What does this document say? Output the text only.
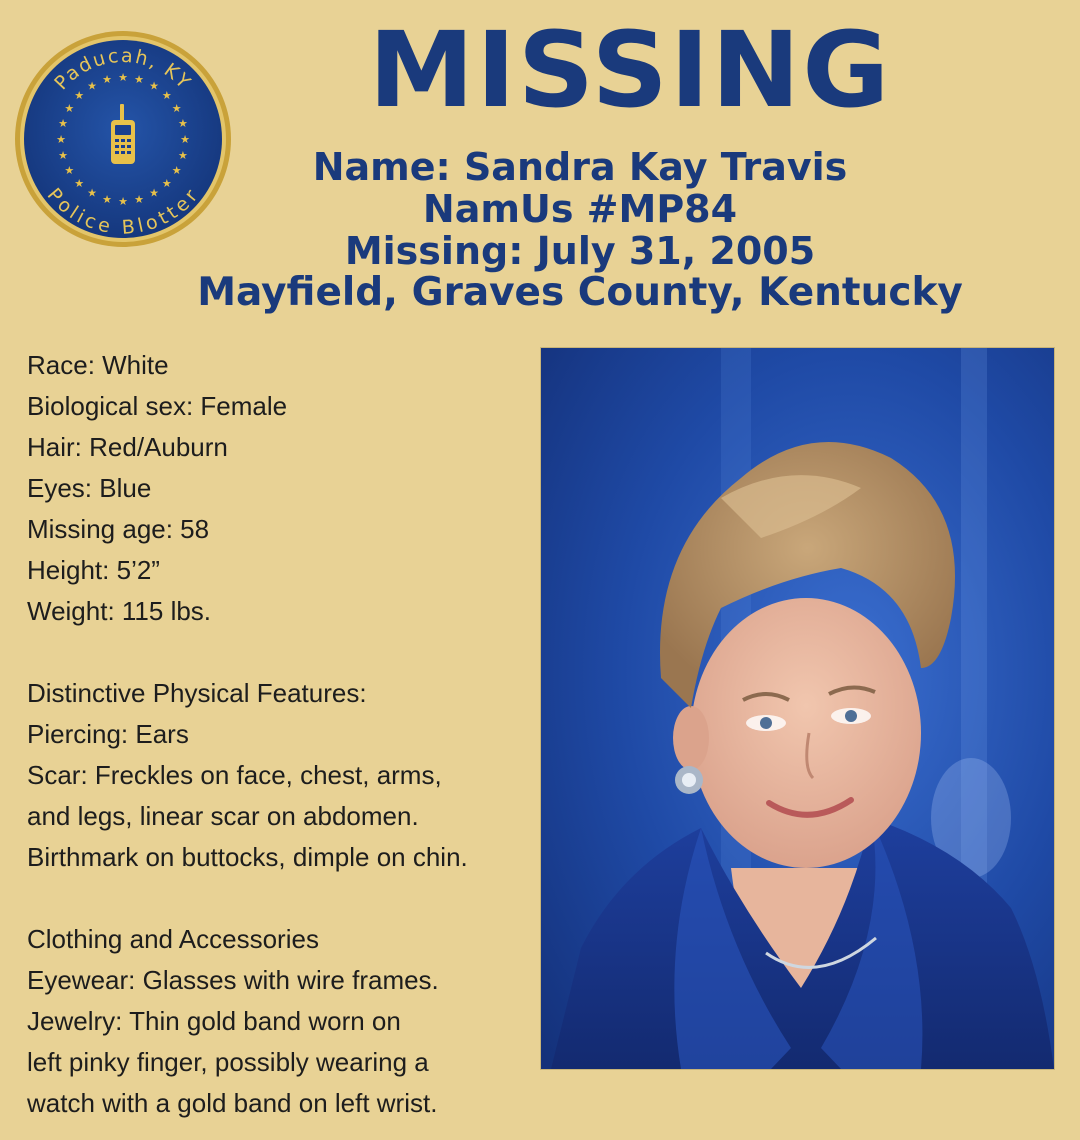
Paducah, KY
Police Blotter
★
★
★
★
★
★
★
★
★
★
★
★
★
★
★
★
★
★ ★ ★
★
★
★
★	MISSING
Name: Sandra Kay Travis
NamUs #MP84
Missing: July 31, 2005
Mayfield, Graves County, Kentucky

Race: White

Biological sex: Female

Hair: Red/Auburn

Eyes: Blue

Missing age: 58

Height: 5’2”

Weight: 115 lbs.

Distinctive Physical Features:

Piercing: Ears

Scar: Freckles on face, chest, arms,

and legs, linear scar on abdomen.

Birthmark on buttocks, dimple on chin.

Clothing and Accessories

Eyewear: Glasses with wire frames.

Jewelry: Thin gold band worn on

left pinky finger, possibly wearing a

watch with a gold band on left wrist.
